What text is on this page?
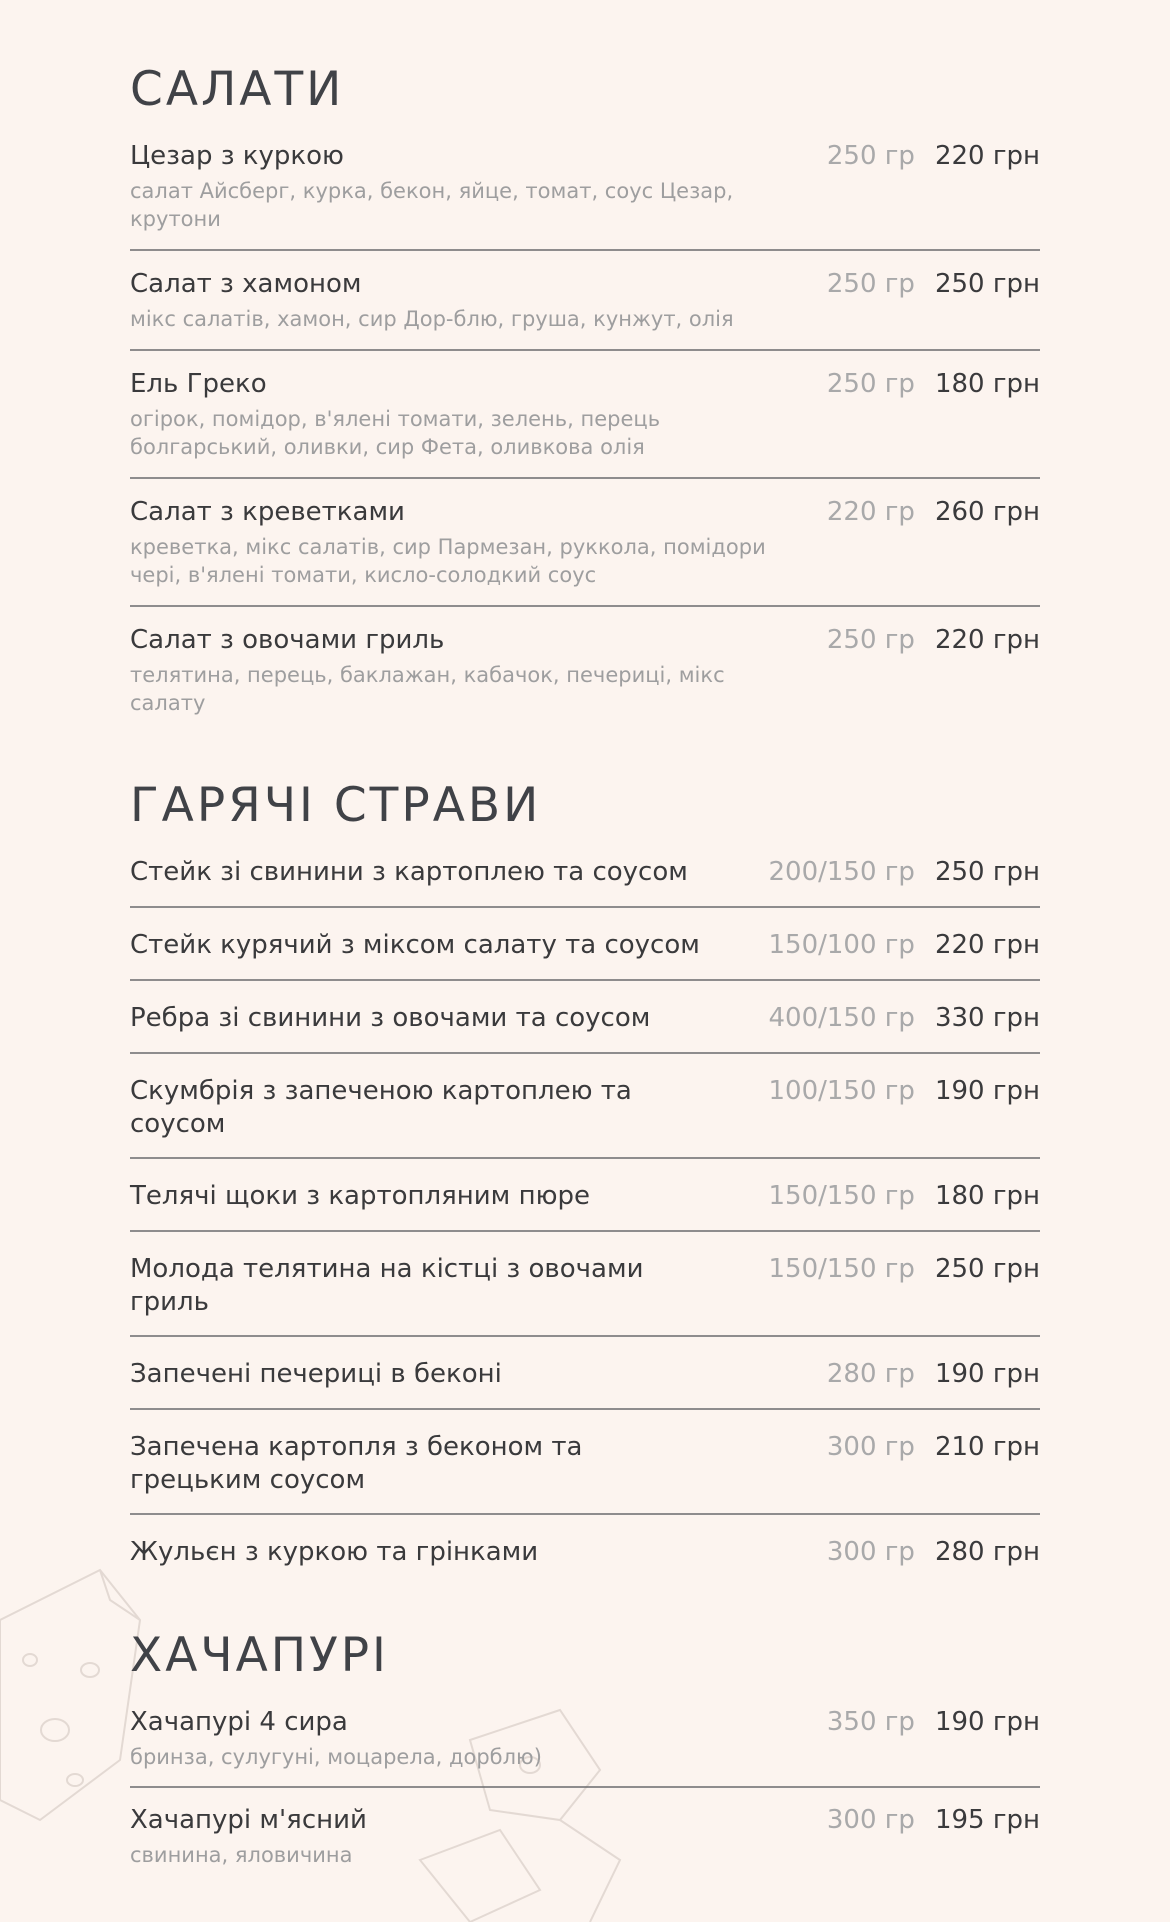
САЛАТИ
Цезар з куркою
салат Айсберг, курка, бекон, яйце, томат, соус Цезар, крутони
250 гр 220 грн
Салат з хамоном
мікс салатів, хамон, сир Дор-блю, груша, кунжут, олія
250 гр 250 грн
Ель Греко
огірок, помідор, в'ялені томати, зелень, перець болгарський, оливки, сир Фета, оливкова олія
250 гр 180 грн
Салат з креветками
креветка, мікс салатів, сир Пармезан, руккола, помідори чері, в'ялені томати, кисло-солодкий соус
220 гр 260 грн
Салат з овочами гриль
телятина, перець, баклажан, кабачок, печериці, мікс салату
250 гр 220 грн
ГАРЯЧІ СТРАВИ
Стейк зі свинини з картоплею та соусом	200/150 гр 250 грн
Стейк курячий з міксом салату та соусом	150/100 гр 220 грн
Ребра зі свинини з овочами та соусом	400/150 гр 330 грн
Скумбрія з запеченою картоплею та соусом
100/150 гр 190 грн
Телячі щоки з картопляним пюре	150/150 гр 180 грн
Молода телятина на кістці з овочами гриль
150/150 гр 250 грн
Запечені печериці в беконі	280 гр 190 грн
Запечена картопля з беконом та грецьким соусом
300 гр 210 грн
Жульєн з куркою та грінками	300 гр 280 грн
ХАЧАПУРІ
Хачапурі 4 сира
бринза, сулугуні, моцарела, дорблю)
350 гр 190 грн
Хачапурі м'ясний
свинина, яловичина
300 гр 195 грн
